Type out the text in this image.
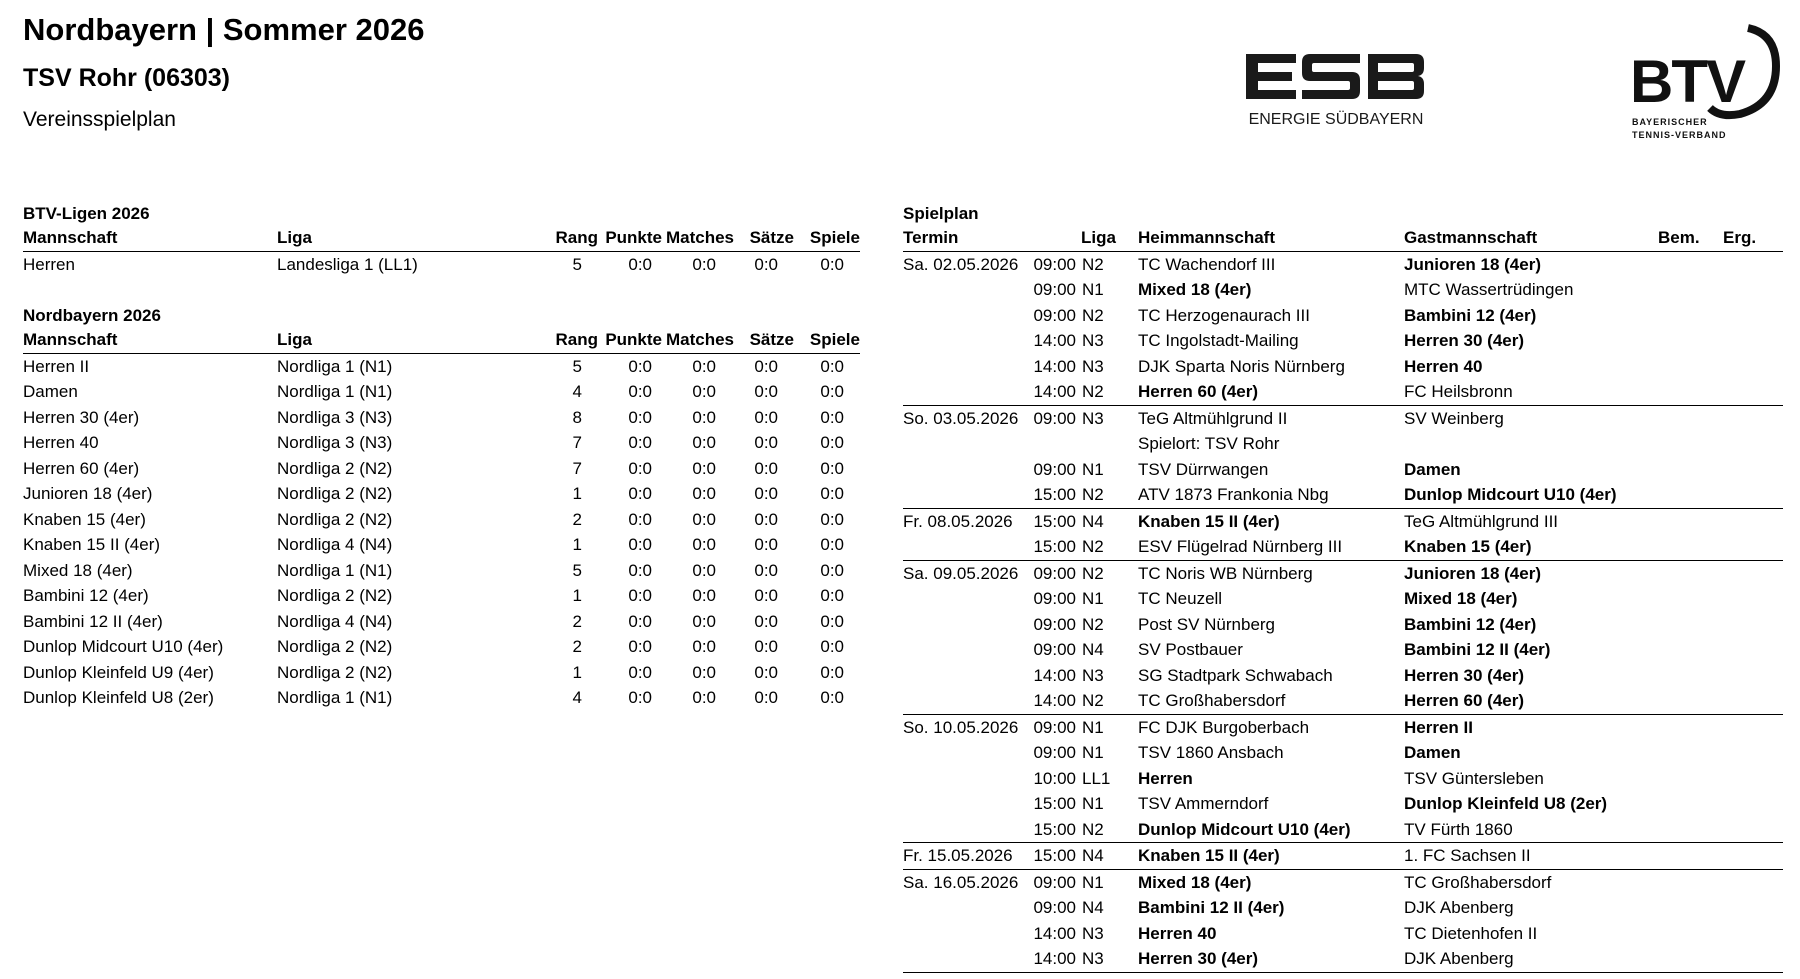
Nordbayern | Sommer 2026
TSV Rohr (06303)
Vereinsspielplan	ENERGIE SÜDBAYERN
BTV
BAYERISCHER
TENNIS-VERBAND
BTV-Ligen 2026
Mannschaft	Liga	Rang	Punkte	Matches	Sätze	Spiele
Herren	Landesliga 1 (LL1)	5	0:0	0:0	0:0	0:0
Nordbayern 2026
Mannschaft	Liga	Rang	Punkte	Matches	Sätze	Spiele
Herren II	Nordliga 1 (N1)	5	0:0	0:0	0:0	0:0
Damen	Nordliga 1 (N1)	4	0:0	0:0	0:0	0:0
Herren 30 (4er)	Nordliga 3 (N3)	8	0:0	0:0	0:0	0:0
Herren 40	Nordliga 3 (N3)	7	0:0	0:0	0:0	0:0
Herren 60 (4er)	Nordliga 2 (N2)	7	0:0	0:0	0:0	0:0
Junioren 18 (4er)	Nordliga 2 (N2)	1	0:0	0:0	0:0	0:0
Knaben 15 (4er)	Nordliga 2 (N2)	2	0:0	0:0	0:0	0:0
Knaben 15 II (4er)	Nordliga 4 (N4)	1	0:0	0:0	0:0	0:0
Mixed 18 (4er)	Nordliga 1 (N1)	5	0:0	0:0	0:0	0:0
Bambini 12 (4er)	Nordliga 2 (N2)	1	0:0	0:0	0:0	0:0
Bambini 12 II (4er)	Nordliga 4 (N4)	2	0:0	0:0	0:0	0:0
Dunlop Midcourt U10 (4er)	Nordliga 2 (N2)	2	0:0	0:0	0:0	0:0
Dunlop Kleinfeld U9 (4er)	Nordliga 2 (N2)	1	0:0	0:0	0:0	0:0
Dunlop Kleinfeld U8 (2er)	Nordliga 1 (N1)	4	0:0	0:0	0:0	0:0
Spielplan
Termin		Liga	Heimmannschaft	Gastmannschaft	Bem.	Erg.
Sa. 02.05.2026	09:00	N2	TC Wachendorf III	Junioren 18 (4er)		
	09:00	N1	Mixed 18 (4er)	MTC Wassertrüdingen		
	09:00	N2	TC Herzogenaurach III	Bambini 12 (4er)		
	14:00	N3	TC Ingolstadt-Mailing	Herren 30 (4er)		
	14:00	N3	DJK Sparta Noris Nürnberg	Herren 40		
	14:00	N2	Herren 60 (4er)	FC Heilsbronn		
So. 03.05.2026	09:00	N3	TeG Altmühlgrund II	SV Weinberg		
			Spielort: TSV Rohr			
	09:00	N1	TSV Dürrwangen	Damen		
	15:00	N2	ATV 1873 Frankonia Nbg	Dunlop Midcourt U10 (4er)		
Fr. 08.05.2026	15:00	N4	Knaben 15 II (4er)	TeG Altmühlgrund III		
	15:00	N2	ESV Flügelrad Nürnberg III	Knaben 15 (4er)		
Sa. 09.05.2026	09:00	N2	TC Noris WB Nürnberg	Junioren 18 (4er)		
	09:00	N1	TC Neuzell	Mixed 18 (4er)		
	09:00	N2	Post SV Nürnberg	Bambini 12 (4er)		
	09:00	N4	SV Postbauer	Bambini 12 II (4er)		
	14:00	N3	SG Stadtpark Schwabach	Herren 30 (4er)		
	14:00	N2	TC Großhabersdorf	Herren 60 (4er)		
So. 10.05.2026	09:00	N1	FC DJK Burgoberbach	Herren II		
	09:00	N1	TSV 1860 Ansbach	Damen		
	10:00	LL1	Herren	TSV Güntersleben		
	15:00	N1	TSV Ammerndorf	Dunlop Kleinfeld U8 (2er)		
	15:00	N2	Dunlop Midcourt U10 (4er)	TV Fürth 1860		
Fr. 15.05.2026	15:00	N4	Knaben 15 II (4er)	1. FC Sachsen II		
Sa. 16.05.2026	09:00	N1	Mixed 18 (4er)	TC Großhabersdorf		
	09:00	N4	Bambini 12 II (4er)	DJK Abenberg		
	14:00	N3	Herren 40	TC Dietenhofen II		
	14:00	N3	Herren 30 (4er)	DJK Abenberg		
